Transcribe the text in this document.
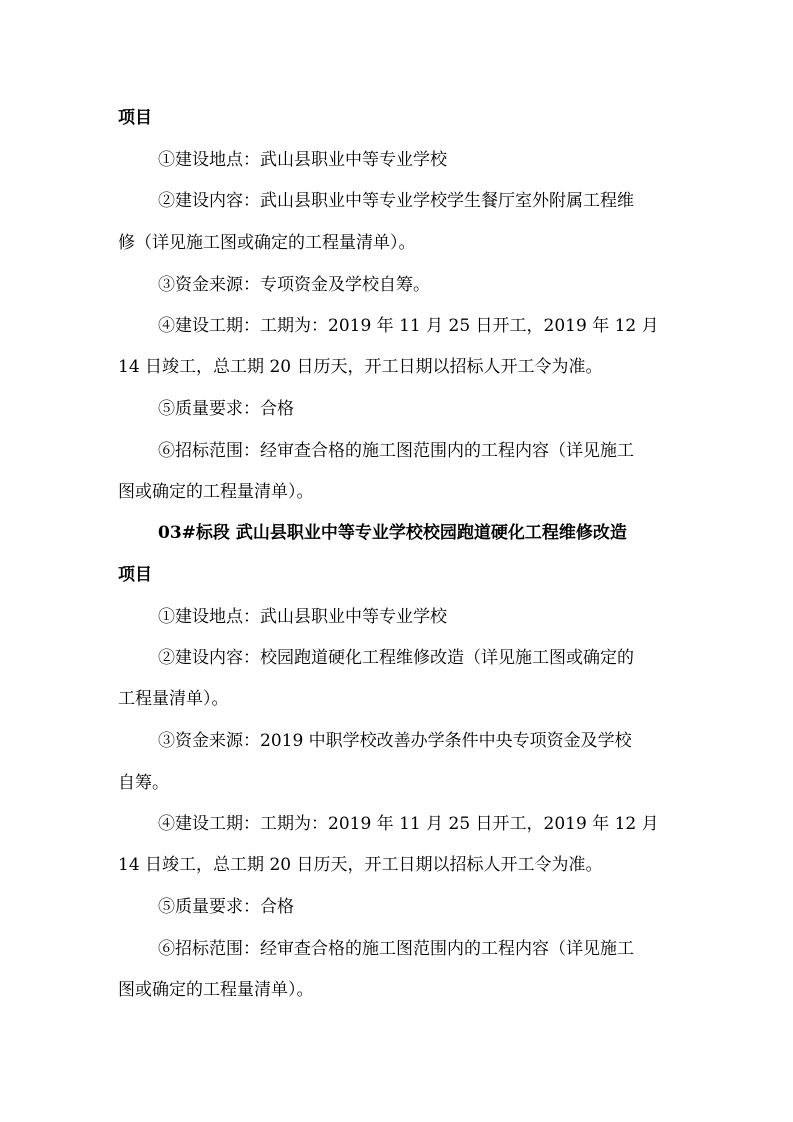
项目
①建设地点：武山县职业中等专业学校
②建设内容：武山县职业中等专业学校学生餐厅室外附属工程维
修（详见施工图或确定的工程量清单）。
③资金来源：专项资金及学校自筹。
④建设工期：工期为：2019 年 11 月 25 日开工，2019 年 12 月
14 日竣工，总工期 20 日历天，开工日期以招标人开工令为准。
⑤质量要求：合格
⑥招标范围：经审查合格的施工图范围内的工程内容（详见施工
图或确定的工程量清单）。
03#标段 武山县职业中等专业学校校园跑道硬化工程维修改造
项目
①建设地点：武山县职业中等专业学校
②建设内容：校园跑道硬化工程维修改造（详见施工图或确定的
工程量清单）。
③资金来源：2019 中职学校改善办学条件中央专项资金及学校
自筹。
④建设工期：工期为：2019 年 11 月 25 日开工，2019 年 12 月
14 日竣工，总工期 20 日历天，开工日期以招标人开工令为准。
⑤质量要求：合格
⑥招标范围：经审查合格的施工图范围内的工程内容（详见施工
图或确定的工程量清单）。
